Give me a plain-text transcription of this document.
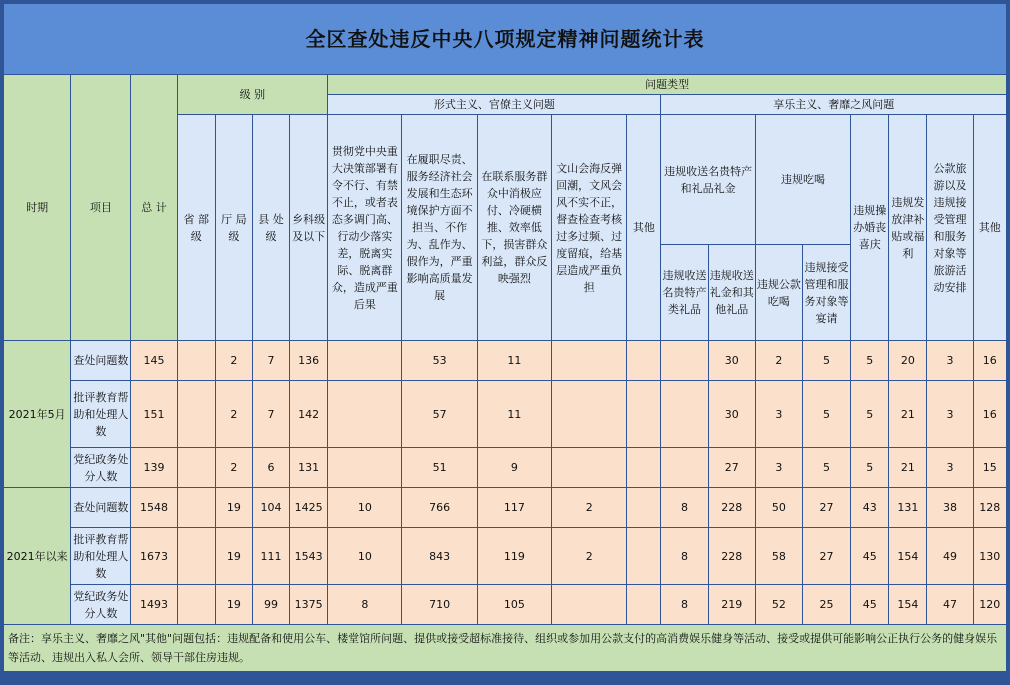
全区查处违反中央八项规定精神问题统计表																			
时期	项目	总 计	级 别				问题类型												
							形式主义、官僚主义问题					享乐主义、奢靡之风问题							
			省 部级	厅 局级	县 处级	乡科级及以下	贯彻党中央重大决策部署有令不行、有禁不止，或者表态多调门高、行动少落实差，脱离实际、脱离群众，造成严重后果	在履职尽责、服务经济社会发展和生态环境保护方面不担当、不作为、乱作为、假作为，严重影响高质量发展	在联系服务群众中消极应付、冷硬横推、效率低下，损害群众利益，群众反映强烈	文山会海反弹回潮，文风会风不实不正，督查检查考核过多过频、过度留痕，给基层造成严重负担	其他	违规收送名贵特产和礼品礼金		违规吃喝		违规操办婚丧喜庆	违规发放津补贴或福利	公款旅游以及违规接受管理和服务对象等旅游活动安排	其他
												违规收送名贵特产类礼品	违规收送礼金和其他礼品	违规公款吃喝	违规接受管理和服务对象等宴请				
2021年5月	查处问题数	145		2	7	136		53	11				30	2	5	5	20	3	16
	批评教育帮助和处理人数	151		2	7	142		57	11				30	3	5	5	21	3	16
	党纪政务处分人数	139		2	6	131		51	9				27	3	5	5	21	3	15
2021年以来	查处问题数	1548		19	104	1425	10	766	117	2		8	228	50	27	43	131	38	128
	批评教育帮助和处理人数	1673		19	111	1543	10	843	119	2		8	228	58	27	45	154	49	130
	党纪政务处分人数	1493		19	99	1375	8	710	105			8	219	52	25	45	154	47	120
备注：享乐主义、奢靡之风"其他"问题包括：违规配备和使用公车、楼堂馆所问题、提供或接受超标准接待、组织或参加用公款支付的高消费娱乐健身等活动、接受或提供可能影响公正执行公务的健身娱乐等活动、违规出入私人会所、领导干部住房违规。																			
